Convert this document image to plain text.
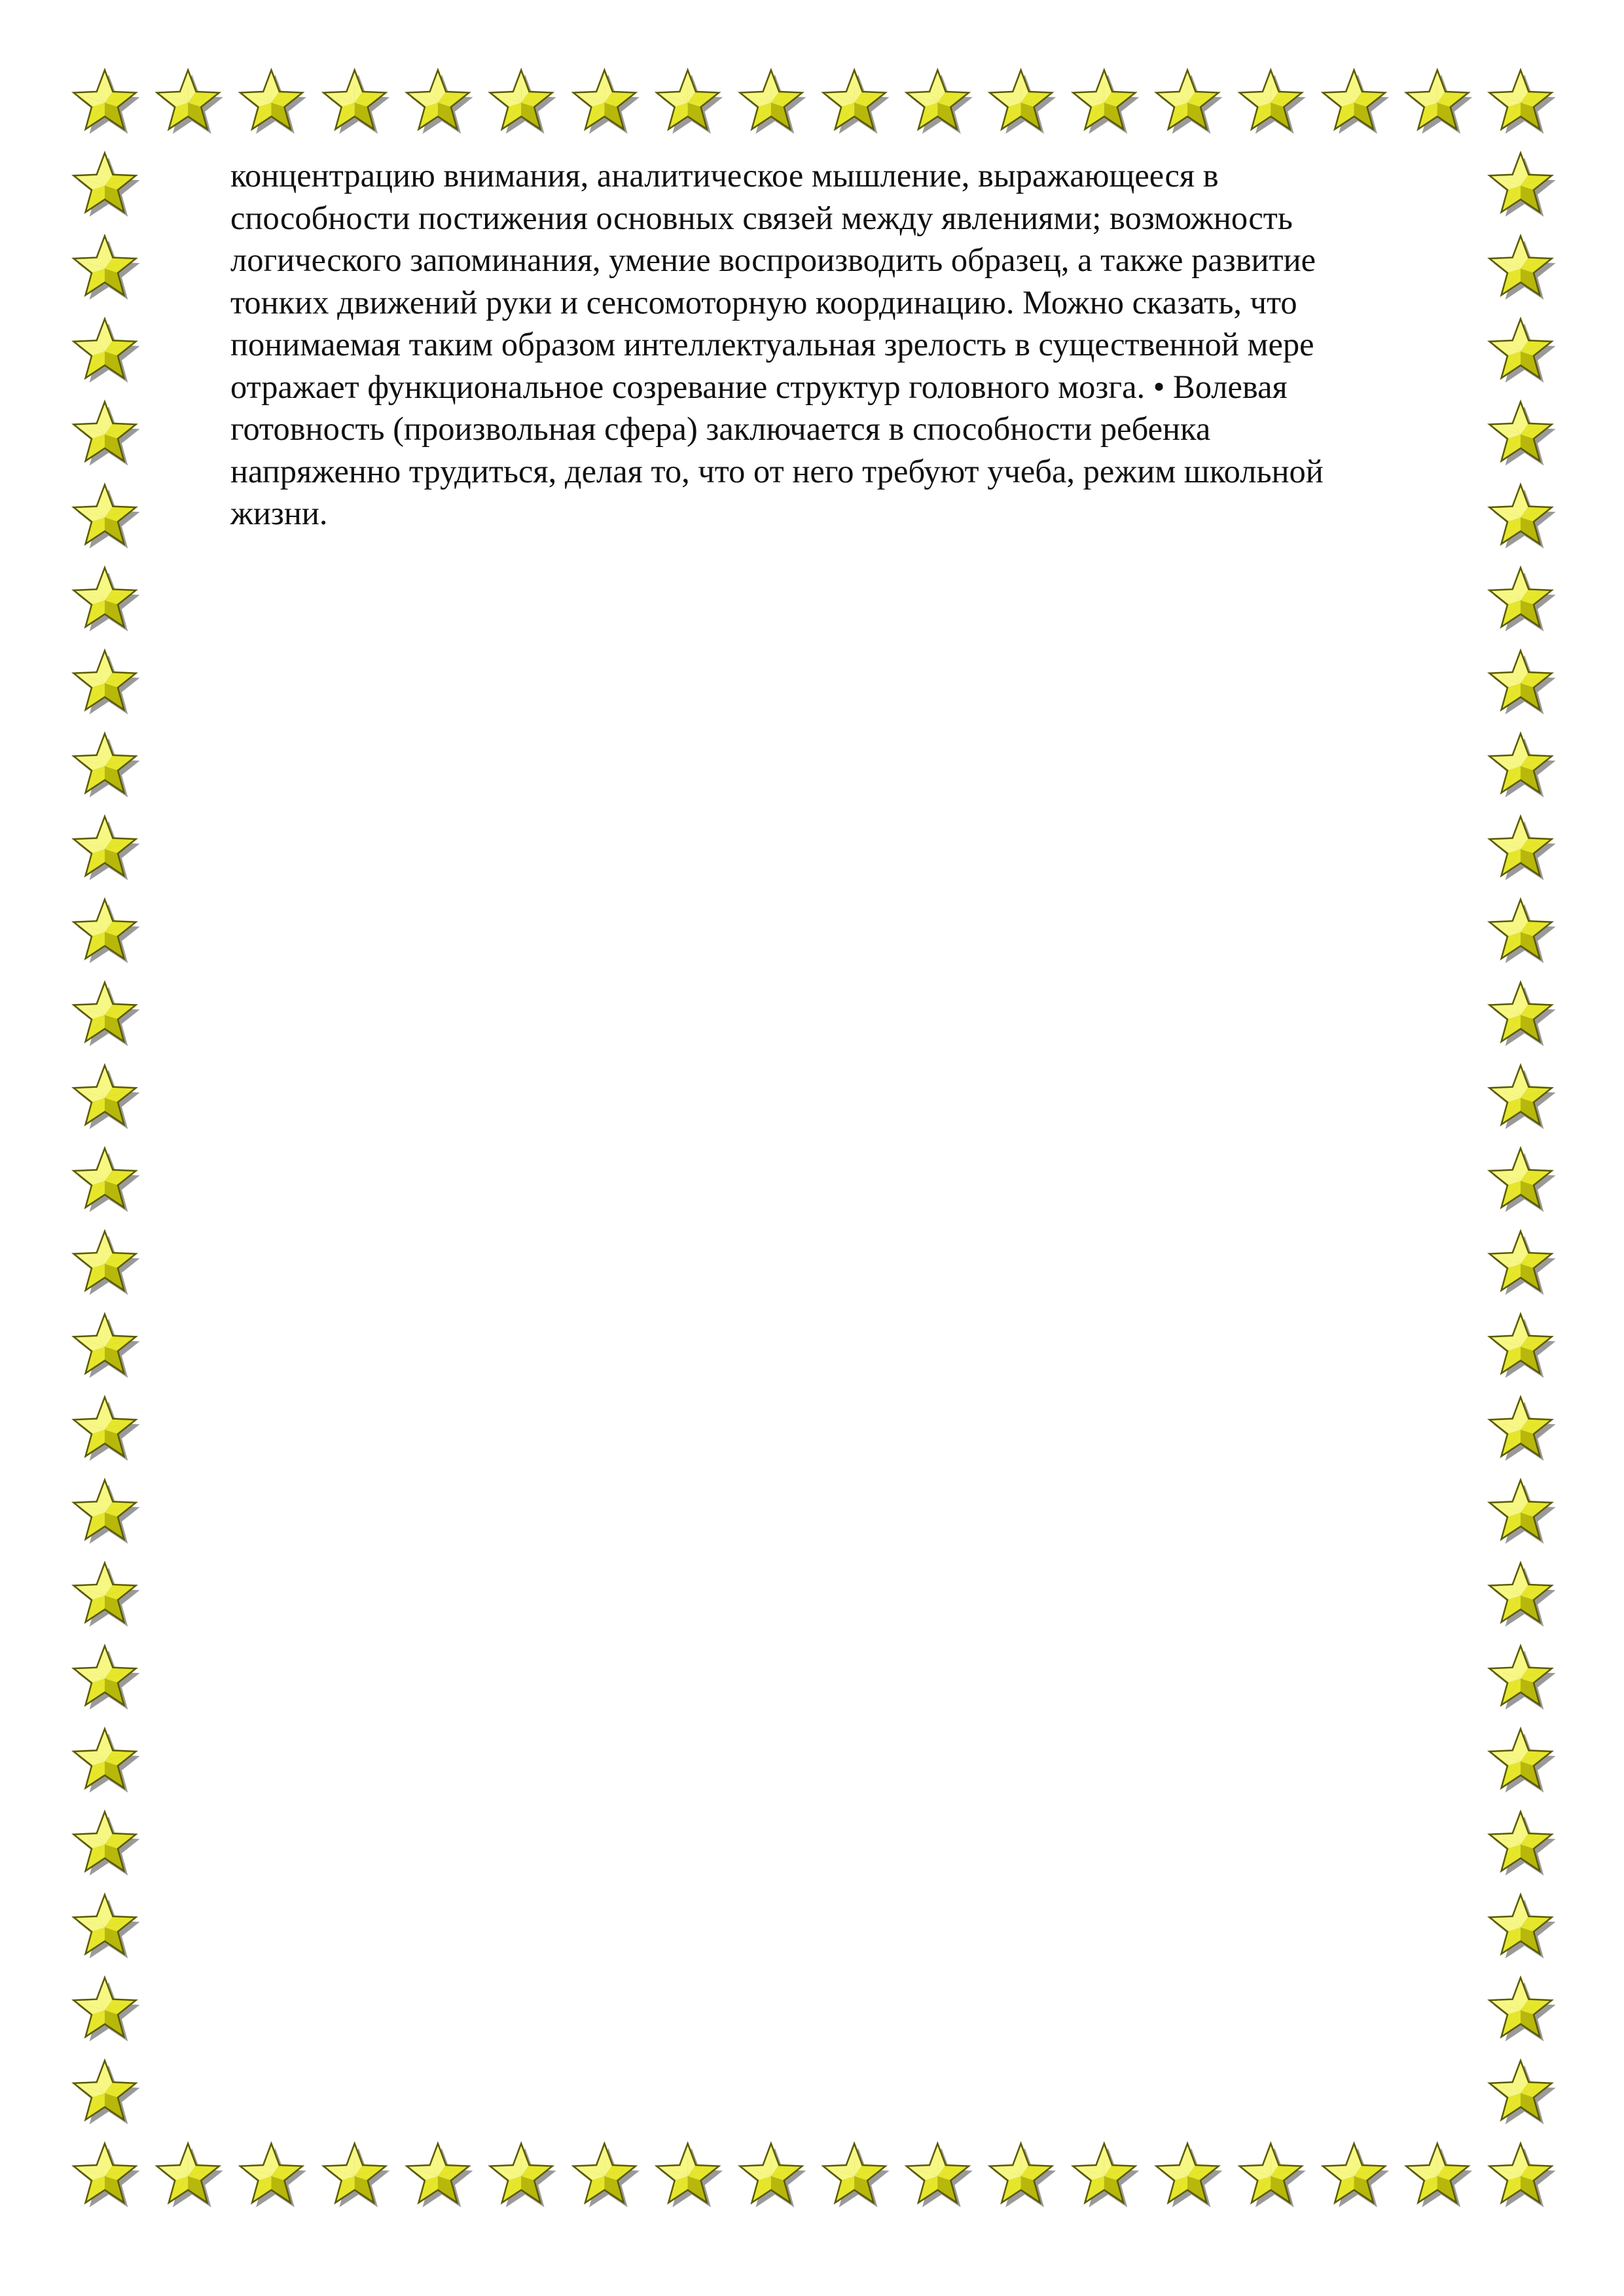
концентрацию внимания, аналитическое мышление, выражающееся в
способности постижения основных связей между явлениями; возможность
логического запоминания, умение воспроизводить образец, а также развитие
тонких движений руки и сенсомоторную координацию. Можно сказать, что
понимаемая таким образом интеллектуальная зрелость в существенной мере
отражает функциональное созревание структур головного мозга. • Волевая
готовность (произвольная сфера) заключается в способности ребенка
напряженно трудиться, делая то, что от него требуют учеба, режим школьной
жизни.
